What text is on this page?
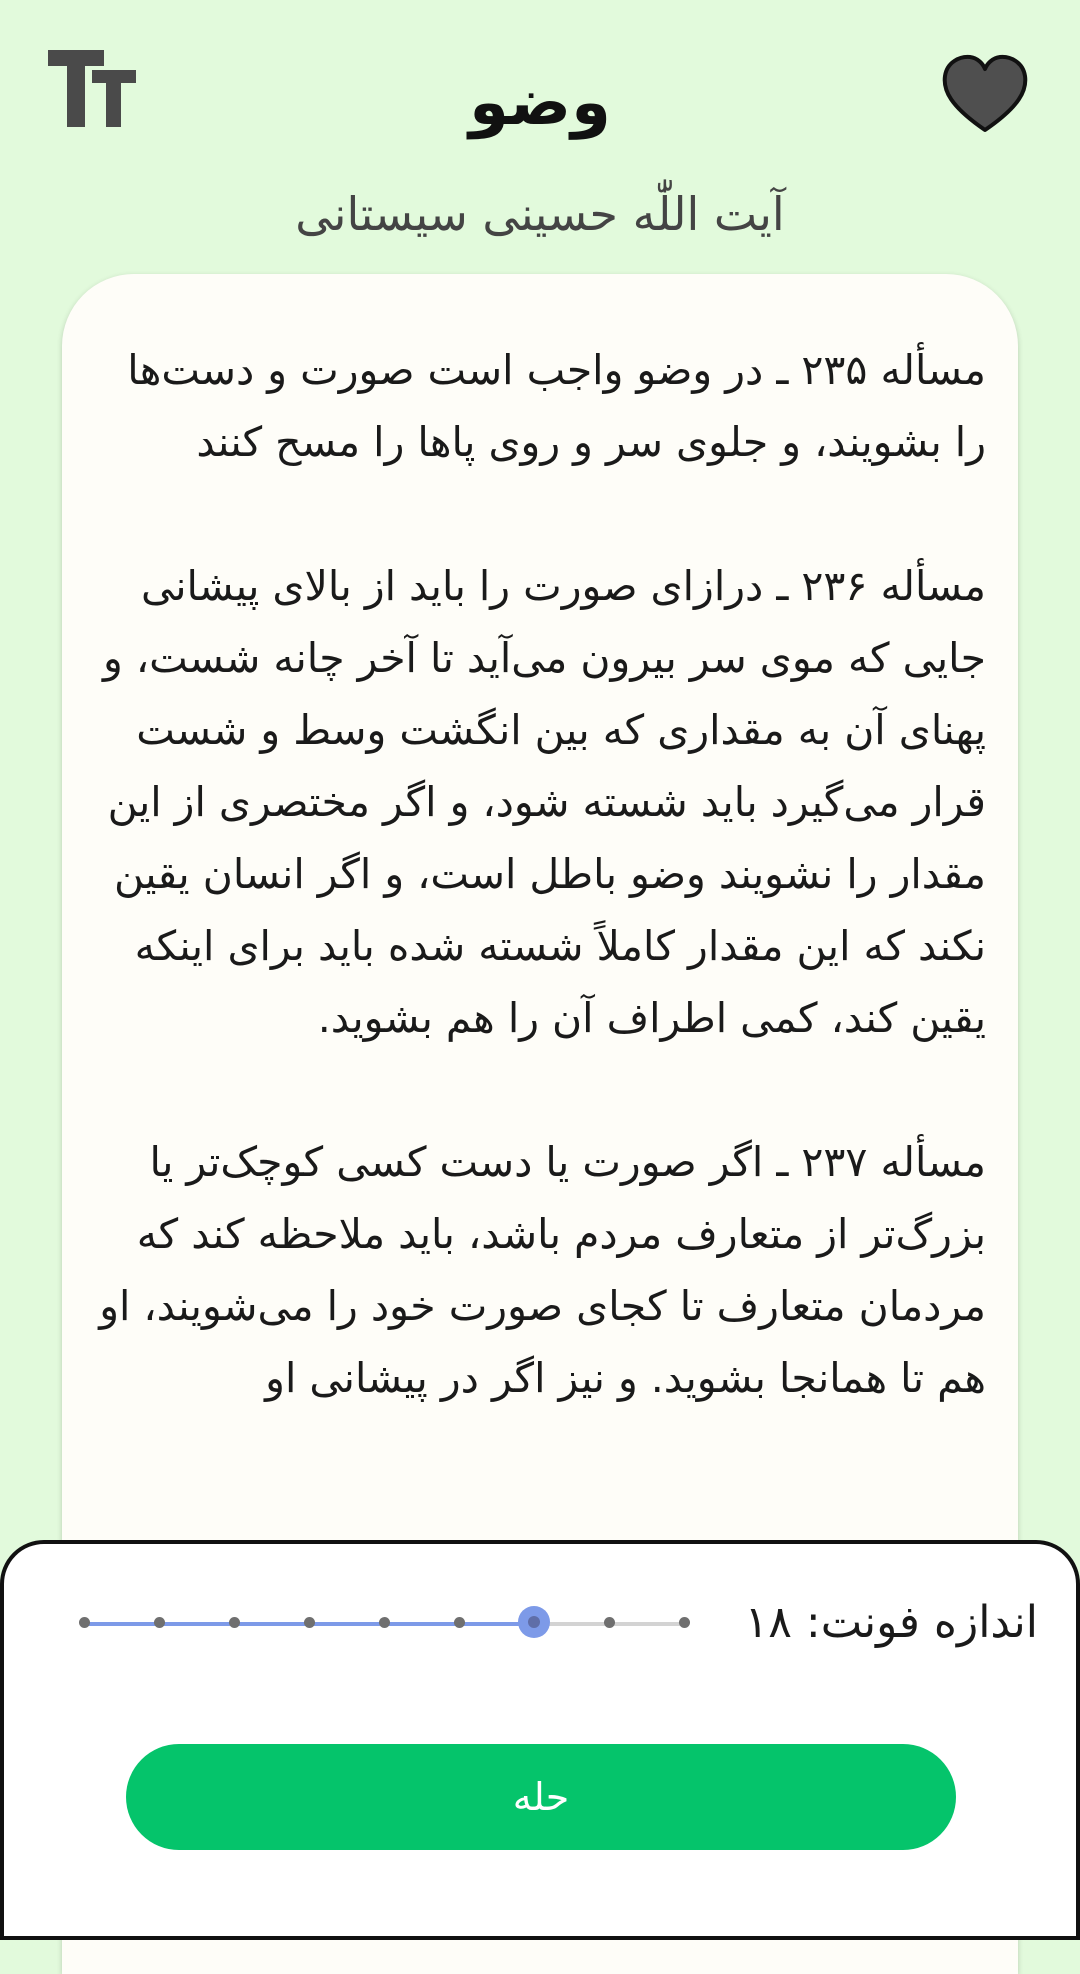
وضو
آیت اللّٰه حسینی سیستانی

مسأله ۲۳۵ ـ در وضو واجب است صورت و دست‌ها را بشویند، و جلوی سر و روی پاها را مسح کنند

مسأله ۲۳۶ ـ درازای صورت را باید از بالای پیشانی جایی که موی سر بیرون می‌آید تا آخر چانه شست، و پهنای آن به مقداری که بین انگشت وسط و شست قرار می‌گیرد باید شسته شود، و اگر مختصری از این مقدار را نشویند وضو باطل است، و اگر انسان یقین نکند که این مقدار کاملاً شسته شده باید برای اینکه یقین کند، کمی اطراف آن را هم بشوید.

مسأله ۲۳۷ ـ اگر صورت یا دست کسی کوچک‌تر یا بزرگ‌تر از متعارف مردم باشد، باید ملاحظه کند که مردمان متعارف تا کجای صورت خود را می‌شویند، او هم تا همانجا بشوید. و نیز اگر در پیشانی او

اندازه فونت: ۱۸
حله
